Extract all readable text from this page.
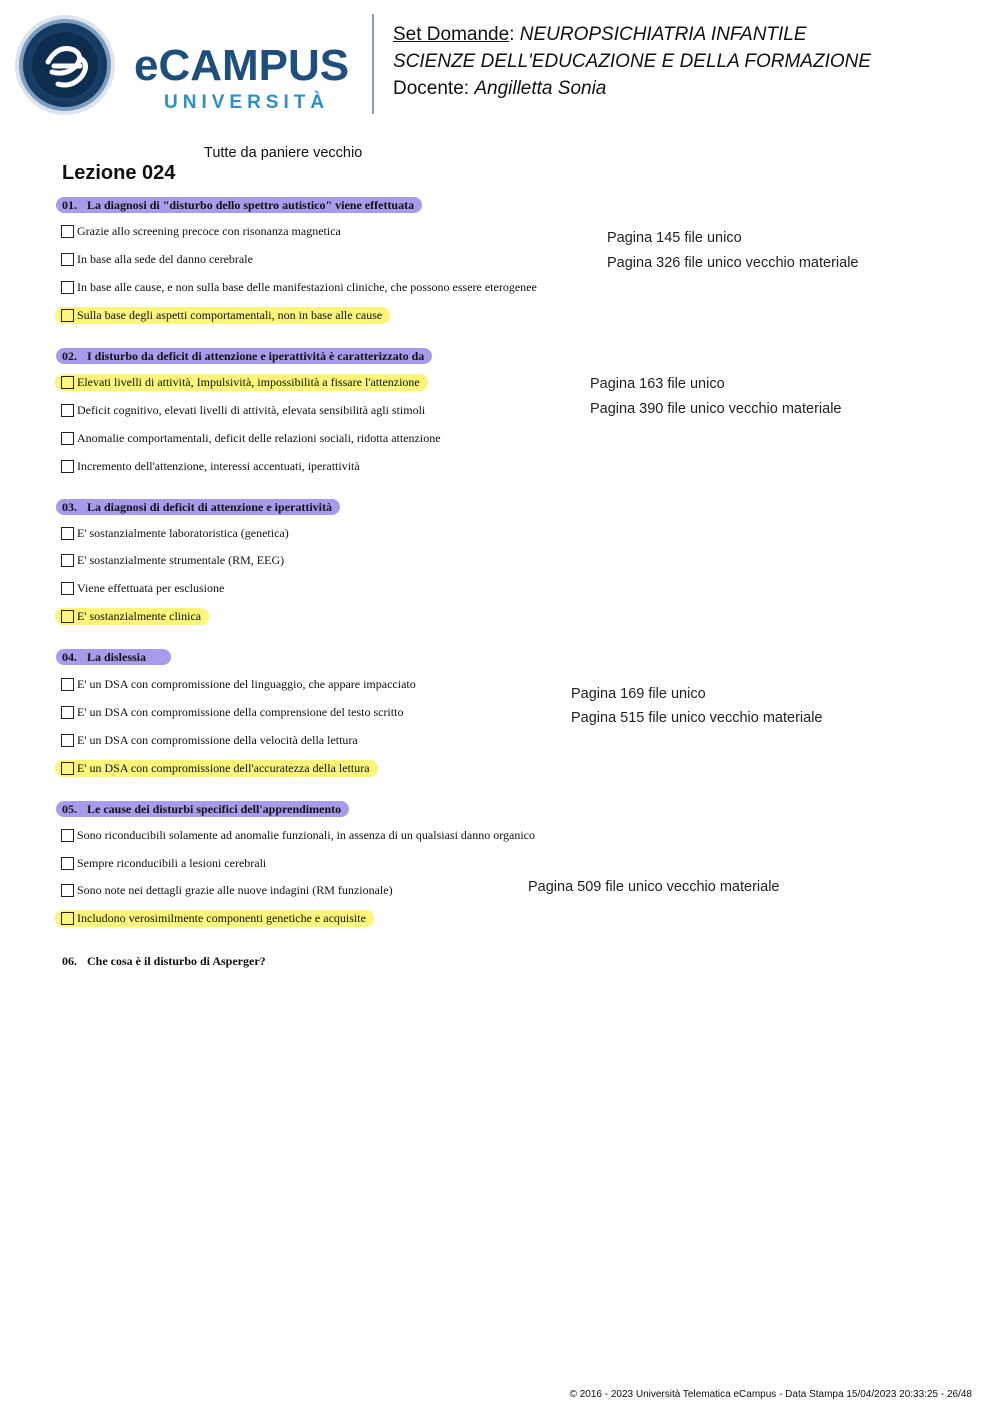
eCAMPUS
UNIVERSITÀ
Set Domande: NEUROPSICHIATRIA INFANTILE
SCIENZE DELL'EDUCAZIONE E DELLA FORMAZIONE
Docente: Angilletta Sonia
Tutte da paniere vecchio
Lezione 024
01. La diagnosi di "disturbo dello spettro autistico" viene effettuata
Grazie allo screening precoce con risonanza magnetica
In base alla sede del danno cerebrale
In base alle cause, e non sulla base delle manifestazioni cliniche, che possono essere eterogenee
Sulla base degli aspetti comportamentali, non in base alle cause
Pagina 145 file unico
Pagina 326 file unico vecchio materiale
02. I disturbo da deficit di attenzione e iperattività è caratterizzato da
Elevati livelli di attività, Impulsività, impossibilità a fissare l'attenzione
Deficit cognitivo, elevati livelli di attività, elevata sensibilità agli stimoli
Anomalie comportamentali, deficit delle relazioni sociali, ridotta attenzione
Incremento dell'attenzione, interessi accentuati, iperattività
Pagina 163 file unico
Pagina 390 file unico vecchio materiale
03. La diagnosi di deficit di attenzione e iperattività
E' sostanzialmente laboratoristica (genetica)
E' sostanzialmente strumentale (RM, EEG)
Viene effettuata per esclusione
E' sostanzialmente clinica
04. La dislessia
E' un DSA con compromissione del linguaggio, che appare impacciato
E' un DSA con compromissione della comprensione del testo scritto
E' un DSA con compromissione della velocità della lettura
E' un DSA con compromissione dell'accuratezza della lettura
Pagina 169 file unico
Pagina 515 file unico vecchio materiale
05. Le cause dei disturbi specifici dell'apprendimento
Sono riconducibili solamente ad anomalie funzionali, in assenza di un qualsiasi danno organico
Sempre riconducibili a lesioni cerebrali
Sono note nei dettagli grazie alle nuove indagini (RM funzionale)
Includono verosimilmente componenti genetiche e acquisite
Pagina 509 file unico vecchio materiale
06. Che cosa è il disturbo di Asperger?
© 2016 - 2023 Università Telematica eCampus - Data Stampa 15/04/2023 20:33:25 - 26/48
